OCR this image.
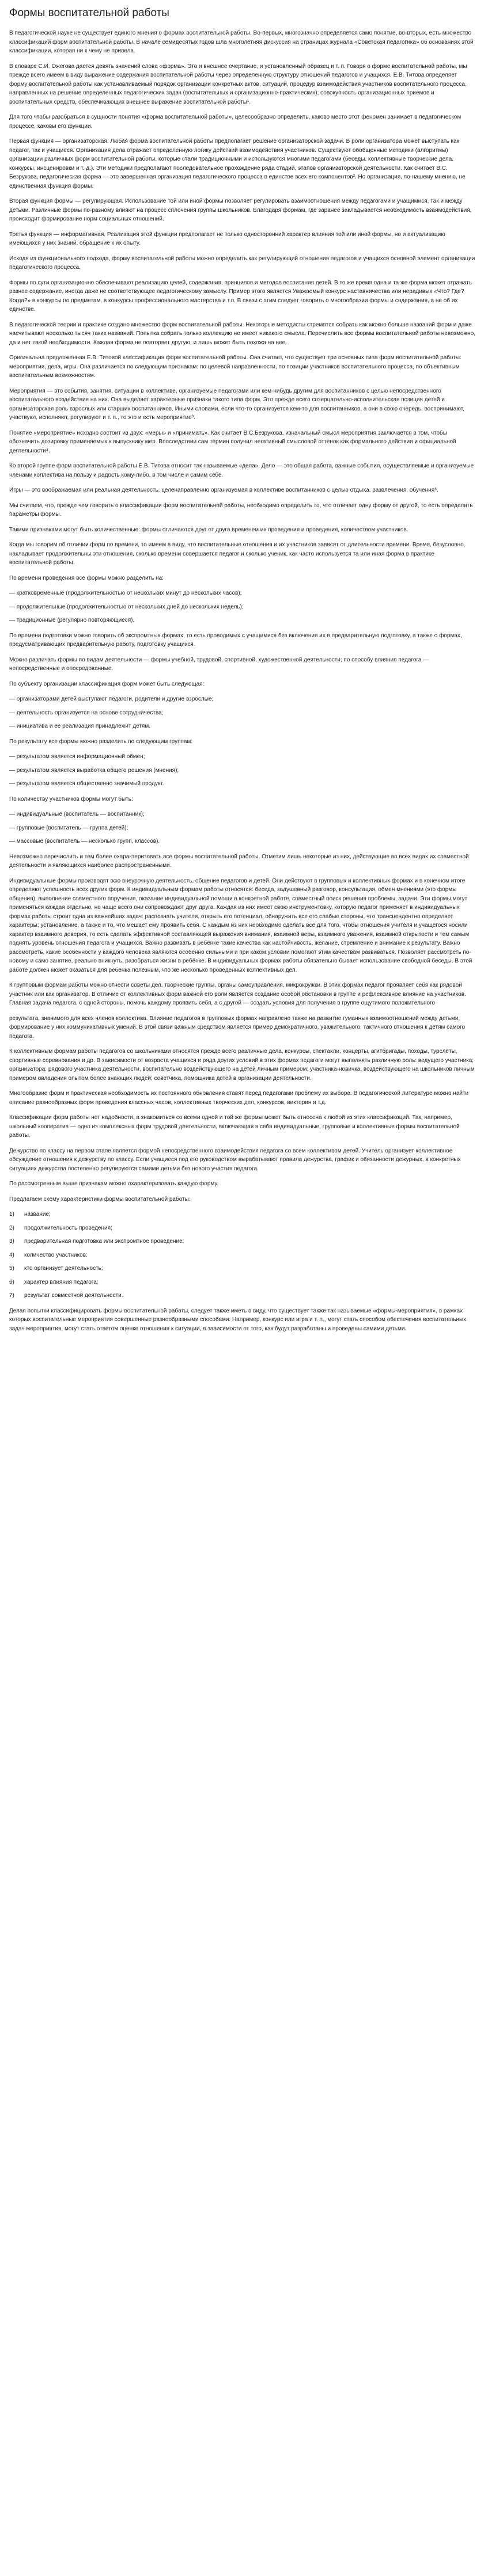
Формы воспитательной работы

В педагогической науке не существует единого мнения о формах воспитательной работы. Во-первых, многозначно определяется само понятие, во-вторых, есть множество классификаций форм воспитательной работы. В начале семидесятых годов шла многолетняя дискуссия на страницах журнала «Советская педагогика» об основаниях этой классификации, которая ни к чему не привела.

В словаре С.И. Ожегова дается девять значений слова «форма». Это и внешнее очертание, и установленный образец и т. п. Говоря о форме воспитательной работы, мы прежде всего имеем в виду выражение содержания воспитательной работы через определенную структуру отношений педагогов и учащихся. Е.В. Титова определяет форму воспитательной работы как устанавливаемый порядок организации конкретных актов, ситуаций, процедур взаимодействия участников воспитательного процесса, направленных на решение определенных педагогических задач (воспитательных и организационно-практических); совокупность организационных приемов и воспитательных средств, обеспечивающих внешнее выражение воспитательной работы¹.

Для того чтобы разобраться в сущности понятия «форма воспитательной работы», целесообразно определить, каково место этот феномен занимает в педагогическом процессе, каковы его функции.

Первая функция — организаторская. Любая форма воспитательной работы предполагает решение организаторской задачи. В роли организатора может выступать как педагог, так и учащиеся. Организация дела отражает определенную логику действий взаимодействия участников. Существуют обобщенные методики (алгоритмы) организации различных форм воспитательной работы, которые стали традиционными и используются многими педагогами (беседы, коллективные творческие дела, конкурсы, инсценировки и т. д.). Эти методики предполагают последовательное прохождение ряда стадий, этапов организаторской деятельности. Как считает В.С. Безрукова, педагогическая форма — это завершенная организация педагогического процесса в единстве всех его компонентов². Но организация, по-нашему мнению, не единственная функция формы.

Вторая функция формы — регулирующая. Использование той или иной формы позволяет регулировать взаимоотношения между педагогами и учащимися, так и между детьми. Различные формы по-разному влияют на процесс сплочения группы школьников. Благодаря формам, где заранее закладывается необходимость взаимодействия, происходит формирование норм социальных отношений.

Третья функция — информативная. Реализация этой функции предполагает не только односторонний характер влияния той или иной формы, но и актуализацию имеющихся у них знаний, обращение к их опыту.

Исходя из функционального подхода, форму воспитательной работы можно определить как регулирующий отношения педагогов и учащихся основной элемент организации педагогического процесса.

Формы по сути организационно обеспечивают реализацию целей, содержания, принципов и методов воспитания детей. В то же время одна и та же форма может отражать разное содержание, иногда даже не соответствующее педагогическому замыслу. Пример этого является Уважаемый конкурс наставничества или нерадивых «Что? Где? Когда?» в конкурсы по предметам, в конкурсы профессионального мастерства и т.п. В связи с этим следует говорить о многообразии формы и содержания, а не об их единстве.

В педагогической теории и практике создано множество форм воспитательной работы. Некоторые методисты стремятся собрать как можно больше названий форм и даже насчитывают несколько тысяч таких названий. Попытка собрать только коллекцию не имеет никакого смысла. Перечислить все формы воспитательной работы невозможно, да и нет такой необходимости. Каждая форма не повторяет другую, и лишь может быть похожа на нее.

Оригинальна предложенная Е.В. Титовой классификация форм воспитательной работы. Она считает, что существует три основных типа форм воспитательной работы: мероприятия, дела, игры. Она различается по следующим признакам: по целевой направленности, по позиции участников воспитательного процесса, по объективным воспитательным возможностям.

Мероприятия — это события, занятия, ситуации в коллективе, организуемые педагогами или кем-нибудь другим для воспитанников с целью непосредственного воспитательного воздействия на них. Она выделяет характерные признаки такого типа форм. Это прежде всего созерцательно-исполнительская позиция детей и организаторская роль взрослых или старших воспитанников. Иными словами, если что-то организуется кем-то для воспитанников, а они в свою очередь, воспринимают, участвуют, исполняют, регулируют и т. п., то это и есть мероприятие³.

Понятие «мероприятие» исходно состоит из двух: «меры» и «принимать». Как считает В.С.Безрукова, изначальный смысл мероприятия заключается в том, чтобы обозначить дозировку применяемых к выпускнику мер. Впоследствии сам термин получил негативный смысловой оттенок как формального действия и официальной деятельности⁴.

Ко второй группе форм воспитательной работы Е.В. Титова относит так называемые «дела». Дело — это общая работа, важные события, осуществляемые и организуемые членами коллектива на пользу и радость кому-либо, в том числе и самим себе.

Игры — это воображаемая или реальная деятельность, целенаправленно организуемая в коллективе воспитанников с целью отдыха, развлечения, обучения⁵.

Мы считаем, что, прежде чем говорить о классификации форм воспитательной работы, необходимо определить то, что отличает одну форму от другой, то есть определить параметры формы.

Такими признаками могут быть количественные: формы отличаются друг от друга временем их проведения и проведения, количеством участников.

Когда мы говорим об отличии форм по времени, то имеем в виду, что воспитательные отношения и их участников зависят от длительности времени. Время, безусловно, накладывает продолжительны эти отношения, сколько времени совершается педагог и сколько ученик, как часто используется та или иная форма в практике воспитательной работы.

По времени проведения все формы можно разделить на:

— кратковременные (продолжительностью от нескольких минут до нескольких часов);
— продолжительные (продолжительностью от нескольких дней до нескольких недель);
— традиционные (регулярно повторяющиеся).

По времени подготовки можно говорить об экспромтных формах, то есть проводимых с учащимися без включения их в предварительную подготовку, а также о формах, предусматривающих предварительную работу, подготовку учащихся.

Можно различать формы по видам деятельности — формы учебной, трудовой, спортивной, художественной деятельности; по способу влияния педагога — непосредственные и опосредованные.

По субъекту организации классификация форм может быть следующая:

— организаторами детей выступают педагоги, родители и другие взрослые;
— деятельность организуется на основе сотрудничества;
— инициатива и ее реализация принадлежит детям.

По результату все формы можно разделить по следующим группам:

— результатом является информационный обмен;
— результатом является выработка общего решения (мнения);
— результатом является общественно значимый продукт.

По количеству участников формы могут быть:

— индивидуальные (воспитатель — воспитанник);
— групповые (воспитатель — группа детей);
— массовые (воспитатель — несколько групп, классов).

Невозможно перечислить и тем более охарактеризовать все формы воспитательной работы. Отметим лишь некоторые из них, действующие во всех видах их совместной деятельности и являющихся наиболее распространенными.

Индивидуальные формы производят всю внеурочную деятельность, общение педагогов и детей. Они действуют в групповых и коллективных формах и в конечном итоге определяют успешность всех других форм. К индивидуальным формам работы относятся: беседа, задушевный разговор, консультация, обмен мнениями (это формы общения), выполнение совместного поручения, оказание индивидуальной помощи в конкретной работе, совместный поиск решения проблемы, задачи. Эти формы могут применяться каждая отдельно, но чаще всего они сопровождают друг друга. Каждая из них имеет свою инструментовку, которую педагог применяет в индивидуальных формах работы строит одна из важнейших задач: распознать учителя, открыть его потенциал, обнаружить все его слабые стороны, что трансцендентно определяет характеры: установление, а также и то, что мешает ему проявить себя. С каждым из них необходимо сделать всё для того, чтобы отношения учителя и учащегося носили характер взаимного доверия, то есть сделать эффективной составляющей выражения внимания, взаимной веры, взаимного уважения, взаимной открытости и тем самым поднять уровень отношения педагога и учащихся. Важно развивать в ребёнке такие качества как настойчивость, желание, стремление и внимание к результату. Важно рассмотреть, какие особенности у каждого человека являются особенно сильными и при каком условии помогают этим качествам развиваться. Позволяет рассмотреть по-новому и само занятие, реально вникнуть, разобраться жизни в ребёнке. В индивидуальных формах работы обязательно бывает использование свободной беседы. В этой работе должен может оказаться для ребенка полезным, что же несколько проведенных коллективных дел.

К групповым формам работы можно отнести советы дел, творческие группы, органы самоуправления, микрокружки. В этих формах педагог проявляет себя как рядовой участник или как организатор. В отличие от коллективных форм важной его роли является создание особой обстановки в группе и рефлексивное влияние на участников. Главная задача педагога, с одной стороны, помочь каждому проявить себя, а с другой — создать условия для получения в группе ощутимого положительного

результата, значимого для всех членов коллектива. Влияние педагогов в групповых формах направлено также на развитие гуманных взаимоотношений между детьми, формирование у них коммуникативных умений. В этой связи важным средством является пример демократичного, уважительного, тактичного отношения к детям самого педагога.

К коллективным формам работы педагогов со школьниками относятся прежде всего различные дела, конкурсы, спектакли, концерты, агитбригады, походы, турслёты, спортивные соревнования и др. В зависимости от возраста учащихся и ряда других условий в этих формах педагоги могут выполнять различную роль: ведущего участника; организатора; рядового участника деятельности, воспитательно воздействующего на детей личным примером; участника-новичка, воздействующего на школьников личным примером овладения опытом более знающих людей; советчика, помощника детей в организации деятельности.

Многообразие форм и практическая необходимость их постоянного обновления ставят перед педагогами проблему их выбора. В педагогической литературе можно найти описание разнообразных форм проведения классных часов, коллективных творческих дел, конкурсов, викторин и т.д.

Классификации форм работы нет надобности, а знакомиться со всеми одной и той же формы может быть отнесена к любой из этих классификаций. Так, например, школьный кооператив — одно из комплексных форм трудовой деятельности, включающая в себя индивидуальные, групповые и коллективные формы воспитательной работы.

Дежурство по классу на первом этапе является формой непосредственного взаимодействия педагога со всем коллективом детей. Учитель организует коллективное обсуждение отношения к дежурству по классу. Если учащиеся под его руководством вырабатывают правила дежурства, график и обязанности дежурных, в конкретных ситуациях дежурства постепенно регулируются самими детьми без нового участия педагога.

По рассмотренным выше признакам можно охарактеризовать каждую форму.

Предлагаем схему характеристики формы воспитательной работы:

1) название;
2) продолжительность проведения;
3) предварительная подготовка или экспромтное проведение;
4) количество участников;
5) кто организует деятельность;
6) характер влияния педагога;
7) результат совместной деятельности.

Делая попытки классифицировать формы воспитательной работы, следует также иметь в виду, что существует также так называемые «формы-мероприятия», в рамках которых воспитательные мероприятия совершенные разнообразными способами. Например, конкурс или игра и т. п., могут стать способом обеспечения воспитательных задач мероприятия, могут стать ответом оценке отношения к ситуации, в зависимости от того, как будут разработаны и проведены самими детьми.
